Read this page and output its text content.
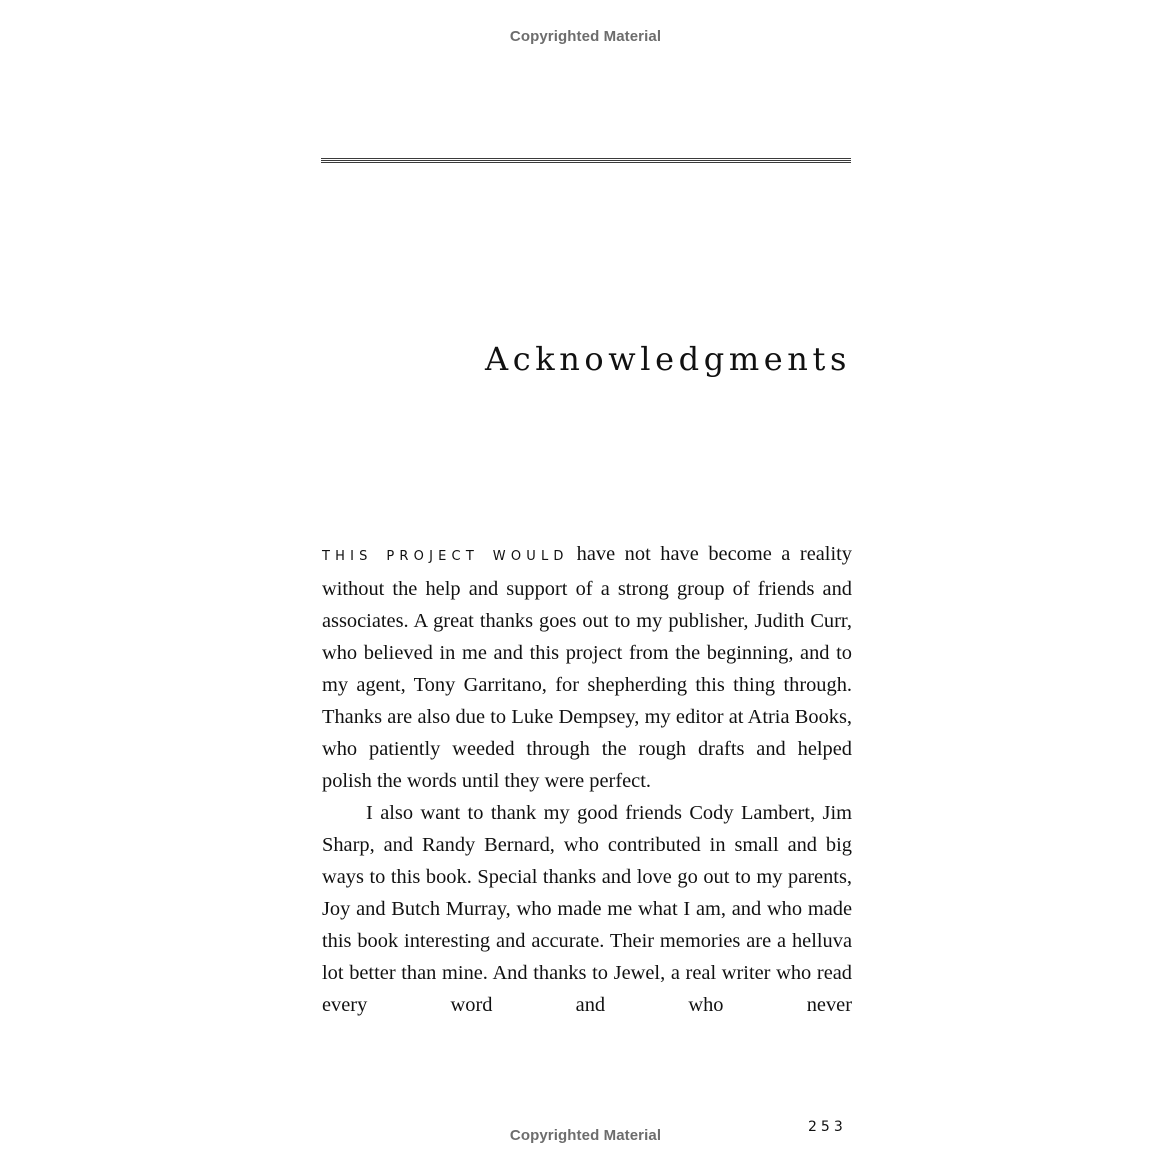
Copyrighted Material
Acknowledgments

THIS PROJECT WOULD have not have become a reality without the help and support of a strong group of friends and associates. A great thanks goes out to my publisher, Judith Curr, who believed in me and this project from the beginning, and to my agent, Tony Garritano, for shepherding this thing through. Thanks are also due to Luke Dempsey, my editor at Atria Books, who patiently weeded through the rough drafts and helped polish the words until they were perfect.

I also want to thank my good friends Cody Lambert, Jim Sharp, and Randy Bernard, who contributed in small and big ways to this book. Special thanks and love go out to my parents, Joy and Butch Murray, who made me what I am, and who made this book interesting and accurate. Their memories are a helluva lot better than mine. And thanks to Jewel, a real writer who read every word and who never

253
Copyrighted Material
